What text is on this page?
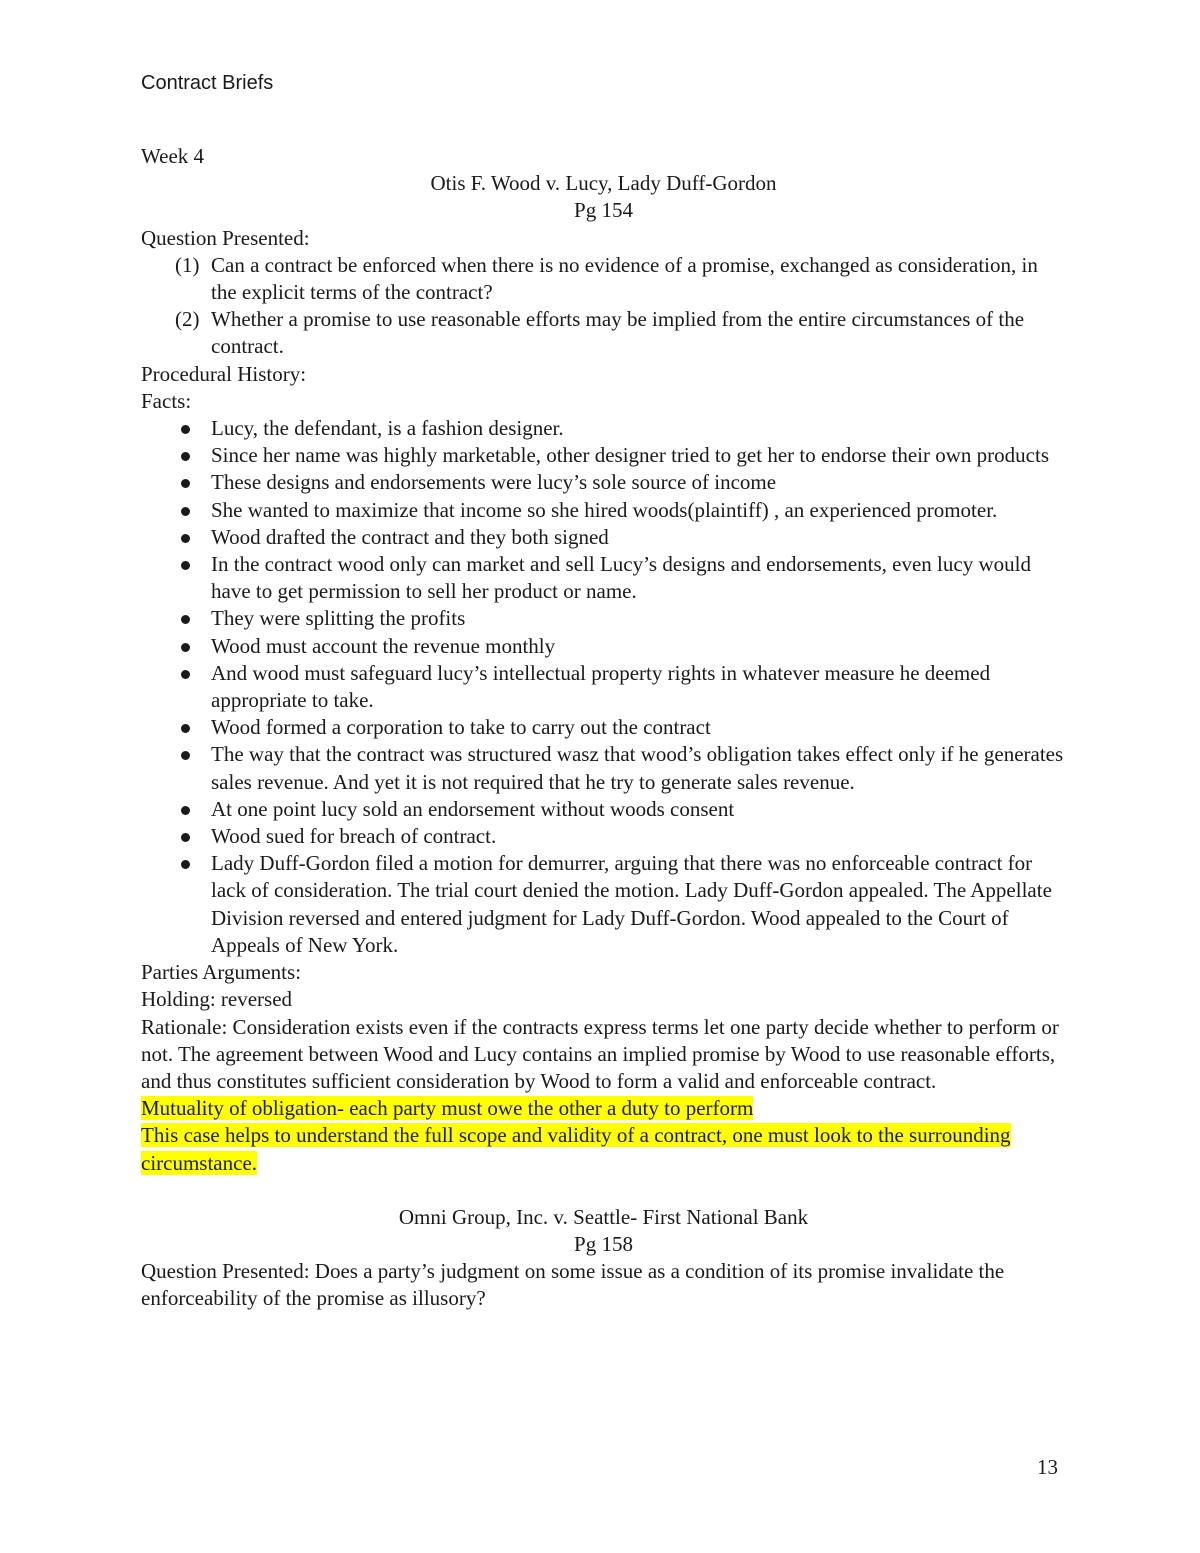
Contract Briefs

Week 4

Otis F. Wood v. Lucy, Lady Duff-Gordon

Pg 154

Question Presented:

(1) Can a contract be enforced when there is no evidence of a promise, exchanged as consideration, in the explicit terms of the contract?
(2) Whether a promise to use reasonable efforts may be implied from the entire circumstances of the contract.

Procedural History:

Facts:

Lucy, the defendant, is a fashion designer.
Since her name was highly marketable, other designer tried to get her to endorse their own products
These designs and endorsements were lucy’s sole source of income
She wanted to maximize that income so she hired woods(plaintiff) , an experienced promoter.
Wood drafted the contract and they both signed
In the contract wood only can market and sell Lucy’s designs and endorsements, even lucy would have to get permission to sell her product or name.
They were splitting the profits
Wood must account the revenue monthly
And wood must safeguard lucy’s intellectual property rights in whatever measure he deemed appropriate to take.
Wood formed a corporation to take to carry out the contract
The way that the contract was structured wasz that wood’s obligation takes effect only if he generates sales revenue. And yet it is not required that he try to generate sales revenue.
At one point lucy sold an endorsement without woods consent
Wood sued for breach of contract.
Lady Duff-Gordon filed a motion for demurrer, arguing that there was no enforceable contract for lack of consideration. The trial court denied the motion. Lady Duff-Gordon appealed. The Appellate Division reversed and entered judgment for Lady Duff-Gordon. Wood appealed to the Court of Appeals of New York.

Parties Arguments:

Holding: reversed

Rationale: Consideration exists even if the contracts express terms let one party decide whether to perform or not. The agreement between Wood and Lucy contains an implied promise by Wood to use reasonable efforts, and thus constitutes sufficient consideration by Wood to form a valid and enforceable contract.

Mutuality of obligation- each party must owe the other a duty to perform

This case helps to understand the full scope and validity of a contract, one must look to the surrounding circumstance.

Omni Group, Inc. v. Seattle- First National Bank

Pg 158

Question Presented: Does a party’s judgment on some issue as a condition of its promise invalidate the enforceability of the promise as illusory?

13
